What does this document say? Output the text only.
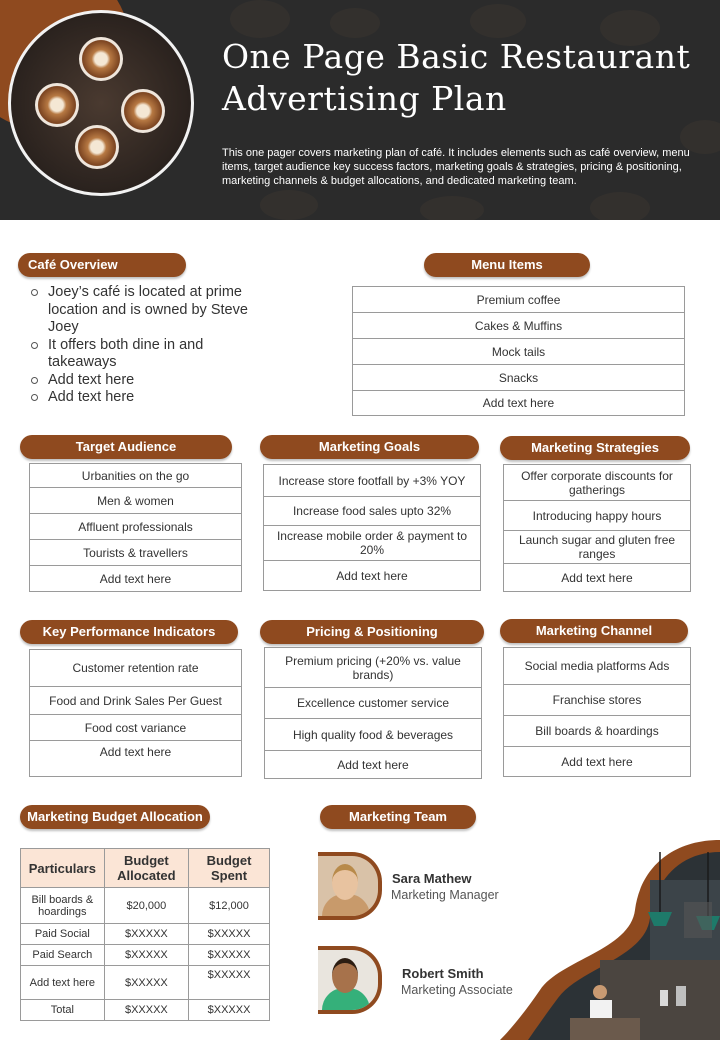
One Page Basic Restaurant
Advertising Plan
This one pager covers marketing plan of café. It includes elements such as café overview, menu items, target audience key success factors, marketing goals & strategies, pricing & positioning, marketing channels & budget allocations, and dedicated marketing team.
Café Overview
Joey’s café is located at prime location and is owned by Steve Joey
It offers both dine in and takeaways
Add text here
Add text here
Menu Items
Premium coffee
Cakes & Muffins
Mock tails
Snacks
Add text here
Target Audience	Marketing Goals	Marketing Strategies
Urbanities on the go
Men & women
Affluent professionals
Tourists & travellers
Add text here
Increase store footfall by +3% YOY
Increase food sales upto 32%
Increase mobile order & payment to 20%
Add text here
Offer corporate discounts for gatherings
Introducing happy hours
Launch sugar and gluten free ranges
Add text here
Key Performance Indicators	Pricing & Positioning	Marketing Channel
Customer retention rate
Food and Drink Sales Per Guest
Food cost variance
Add text here
Premium pricing (+20% vs. value brands)
Excellence customer service
High quality food & beverages
Add text here
Social media platforms Ads
Franchise stores
Bill boards & hoardings
Add text here
Marketing Budget Allocation
Particulars	Budget Allocated	Budget Spent
Bill boards & hoardings	$20,000	$12,000
Paid Social	$XXXXX	$XXXXX
Paid Search	$XXXXX	$XXXXX
Add text here	$XXXXX	$XXXXX
Total	$XXXXX	$XXXXX
Marketing Team
Sara Mathew
Marketing Manager
Robert Smith
Marketing Associate
